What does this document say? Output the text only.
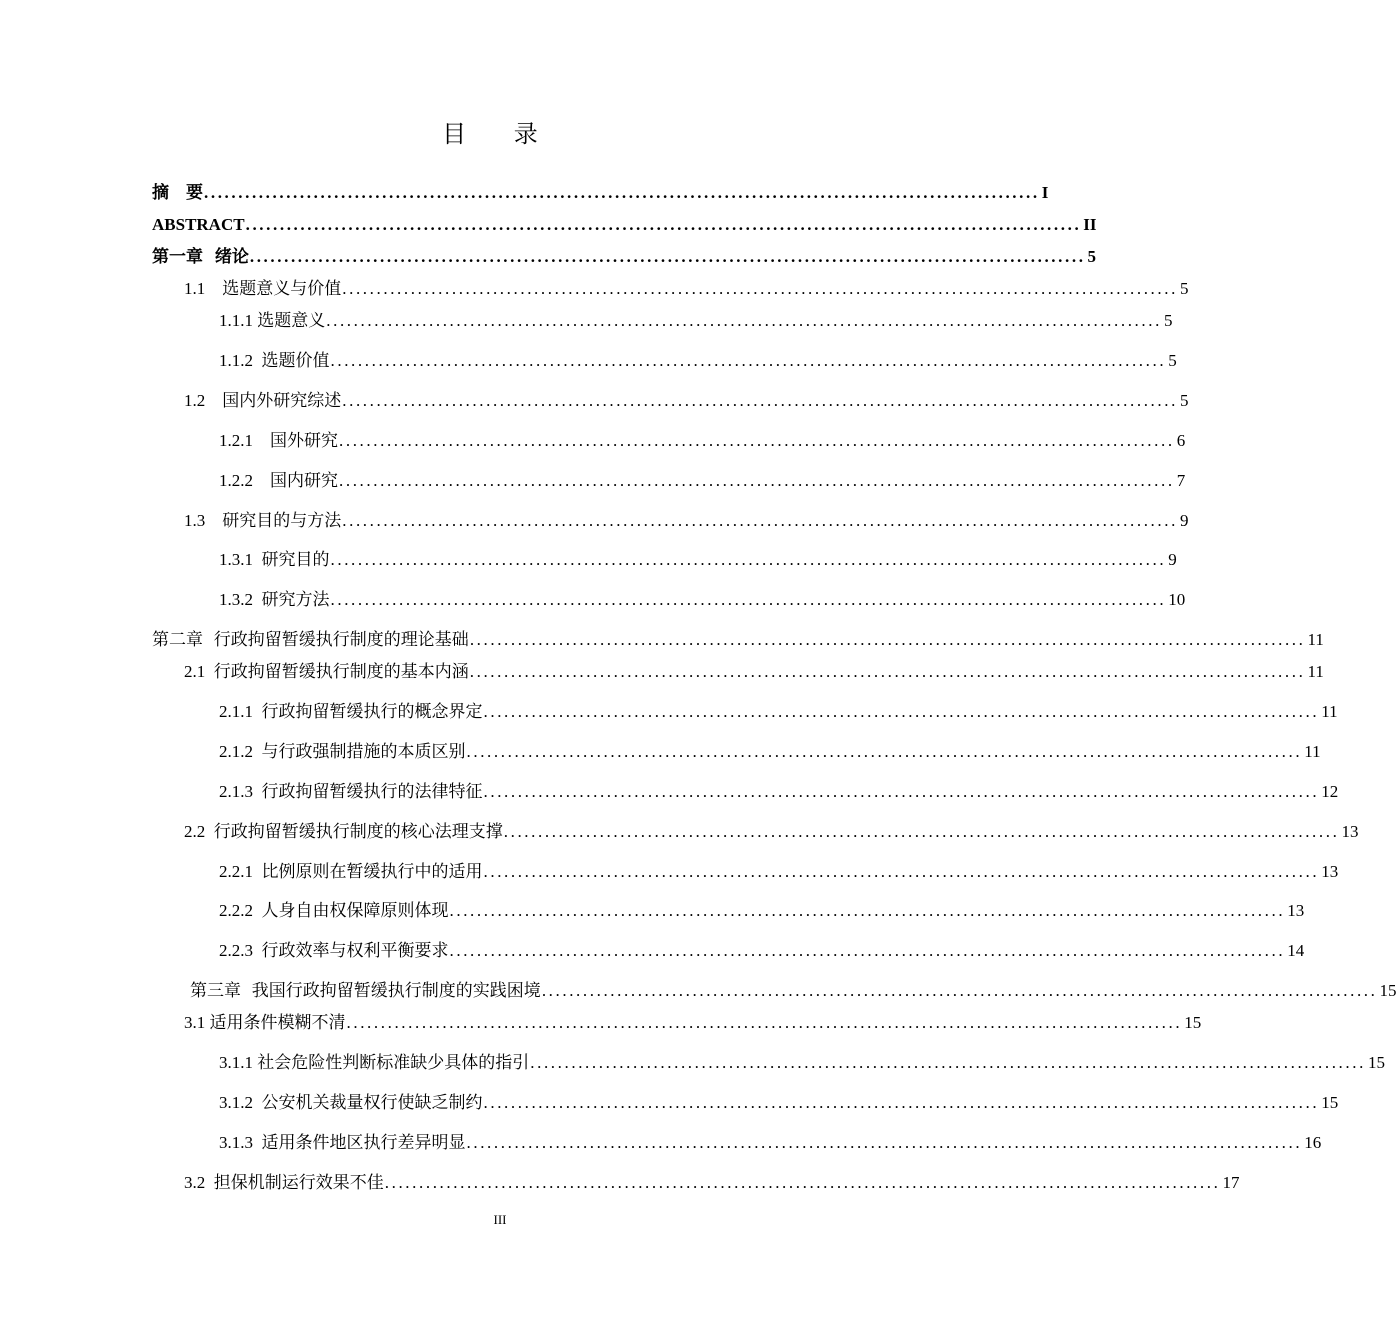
目 录
摘    要 .......................................................................................................................... I
ABSTRACT .......................................................................................................................... II
第一章  绪论 .......................................................................................................................... 5
1.1    选题意义与价值 .......................................................................................................................... 5
1.1.1 选题意义 .......................................................................................................................... 5
1.1.2  选题价值 .......................................................................................................................... 5
1.2    国内外研究综述 .......................................................................................................................... 5
1.2.1    国外研究 .......................................................................................................................... 6
1.2.2    国内研究 .......................................................................................................................... 7
1.3    研究目的与方法 .......................................................................................................................... 9
1.3.1  研究目的 .......................................................................................................................... 9
1.3.2  研究方法 .......................................................................................................................... 10
第二章  行政拘留暂缓执行制度的理论基础 .......................................................................................................................... 11
2.1  行政拘留暂缓执行制度的基本内涵 .......................................................................................................................... 11
2.1.1  行政拘留暂缓执行的概念界定 .......................................................................................................................... 11
2.1.2  与行政强制措施的本质区别 .......................................................................................................................... 11
2.1.3  行政拘留暂缓执行的法律特征 .......................................................................................................................... 12
2.2  行政拘留暂缓执行制度的核心法理支撑 .......................................................................................................................... 13
2.2.1  比例原则在暂缓执行中的适用 .......................................................................................................................... 13
2.2.2  人身自由权保障原则体现 .......................................................................................................................... 13
2.2.3  行政效率与权利平衡要求 .......................................................................................................................... 14
第三章  我国行政拘留暂缓执行制度的实践困境 .......................................................................................................................... 15
3.1 适用条件模糊不清 .......................................................................................................................... 15
3.1.1 社会危险性判断标准缺少具体的指引 .......................................................................................................................... 15
3.1.2  公安机关裁量权行使缺乏制约 .......................................................................................................................... 15
3.1.3  适用条件地区执行差异明显 .......................................................................................................................... 16
3.2  担保机制运行效果不佳 .......................................................................................................................... 17
III
